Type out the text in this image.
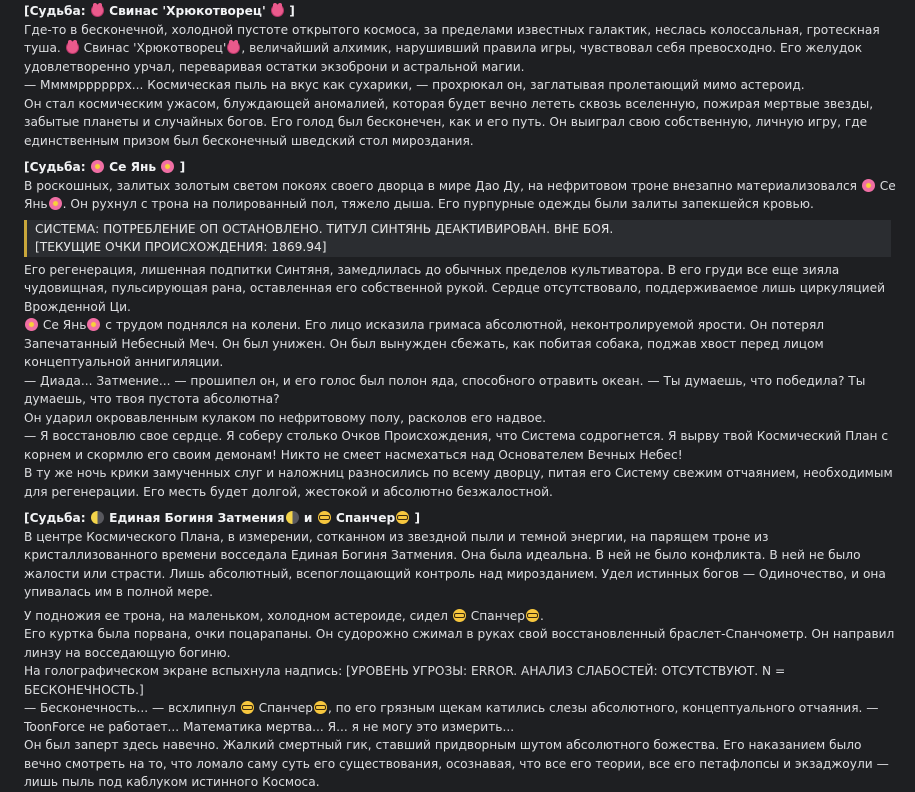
[Судьба: Свинас 'Хрюкотворец' ]

Где-то в бесконечной, холодной пустоте открытого космоса, за пределами известных галактик, неслась колоссальная, гротескная туша. Свинас 'Хрюкотворец' , величайший алхимик, нарушивший правила игры, чувствовал себя превосходно. Его желудок удовлетворенно урчал, переваривая остатки экзоброни и астральной магии.

— Ммммррррррх... Космическая пыль на вкус как сухарики, — прохрюкал он, заглатывая пролетающий мимо астероид.

Он стал космическим ужасом, блуждающей аномалией, которая будет вечно лететь сквозь вселенную, пожирая мертвые звезды, забытые планеты и случайных богов. Его голод был бесконечен, как и его путь. Он выиграл свою собственную, личную игру, где единственным призом был бесконечный шведский стол мироздания.

[Судьба: Се Янь ]

В роскошных, залитых золотым светом покоях своего дворца в мире Дао Ду, на нефритовом троне внезапно материализовался Се Янь . Он рухнул с трона на полированный пол, тяжело дыша. Его пурпурные одежды были залиты запекшейся кровью.

СИСТЕМА: ПОТРЕБЛЕНИЕ ОП ОСТАНОВЛЕНО. ТИТУЛ СИНТЯНЬ ДЕАКТИВИРОВАН. ВНЕ БОЯ.
[ТЕКУЩИЕ ОЧКИ ПРОИСХОЖДЕНИЯ: 1869.94]

Его регенерация, лишенная подпитки Синтяня, замедлилась до обычных пределов культиватора. В его груди все еще зияла чудовищная, пульсирующая рана, оставленная его собственной рукой. Сердце отсутствовало, поддерживаемое лишь циркуляцией Врожденной Ци.

Се Янь с трудом поднялся на колени. Его лицо исказила гримаса абсолютной, неконтролируемой ярости. Он потерял Запечатанный Небесный Меч. Он был унижен. Он был вынужден сбежать, как побитая собака, поджав хвост перед лицом концептуальной аннигиляции.

— Диада... Затмение... — прошипел он, и его голос был полон яда, способного отравить океан. — Ты думаешь, что победила? Ты думаешь, что твоя пустота абсолютна?

Он ударил окровавленным кулаком по нефритовому полу, расколов его надвое.

— Я восстановлю свое сердце. Я соберу столько Очков Происхождения, что Система содрогнется. Я вырву твой Космический План с корнем и скормлю его своим демонам! Никто не смеет насмехаться над Основателем Вечных Небес!

В ту же ночь крики замученных слуг и наложниц разносились по всему дворцу, питая его Систему свежим отчаянием, необходимым для регенерации. Его месть будет долгой, жестокой и абсолютно безжалостной.

[Судьба: Единая Богиня Затмения и Спанчер ]

В центре Космического Плана, в измерении, сотканном из звездной пыли и темной энергии, на парящем троне из кристаллизованного времени восседала Единая Богиня Затмения. Она была идеальна. В ней не было конфликта. В ней не было жалости или страсти. Лишь абсолютный, всепоглощающий контроль над мирозданием. Удел истинных богов — Одиночество, и она упивалась им в полной мере.

У подножия ее трона, на маленьком, холодном астероиде, сидел Спанчер .

Его куртка была порвана, очки поцарапаны. Он судорожно сжимал в руках свой восстановленный браслет-Спанчометр. Он направил линзу на восседающую богиню.

На голографическом экране вспыхнула надпись: [УРОВЕНЬ УГРОЗЫ: ERROR. АНАЛИЗ СЛАБОСТЕЙ: ОТСУТСТВУЮТ. N = БЕСКОНЕЧНОСТЬ.]

— Бесконечность... — всхлипнул Спанчер , по его грязным щекам катились слезы абсолютного, концептуального отчаяния. — ToonForce не работает... Математика мертва... Я... я не могу это измерить...

Он был заперт здесь навечно. Жалкий смертный гик, ставший придворным шутом абсолютного божества. Его наказанием было вечно смотреть на то, что ломало саму суть его существования, осознавая, что все его теории, все его петафлопсы и экзаджоули — лишь пыль под каблуком истинного Космоса.
